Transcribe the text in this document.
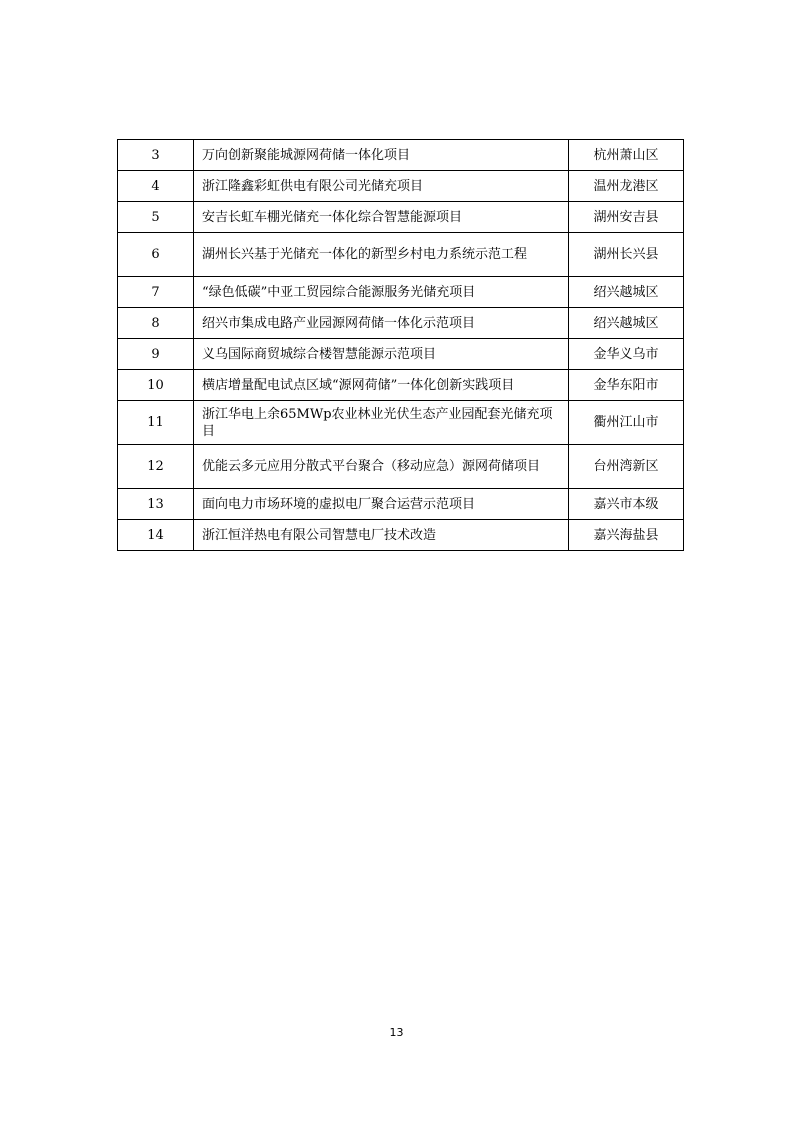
3	万向创新聚能城源网荷储一体化项目	杭州萧山区
4	浙江隆鑫彩虹供电有限公司光储充项目	温州龙港区
5	安吉长虹车棚光储充一体化综合智慧能源项目	湖州安吉县
6	湖州长兴基于光储充一体化的新型乡村电力系统示范工程	湖州长兴县
7	“绿色低碳”中亚工贸园综合能源服务光储充项目	绍兴越城区
8	绍兴市集成电路产业园源网荷储一体化示范项目	绍兴越城区
9	义乌国际商贸城综合楼智慧能源示范项目	金华义乌市
10	横店增量配电试点区域“源网荷储”一体化创新实践项目	金华东阳市
11	浙江华电上余65MWp农业林业光伏生态产业园配套光储充项目	衢州江山市
12	优能云多元应用分散式平台聚合（移动应急）源网荷储项目	台州湾新区
13	面向电力市场环境的虚拟电厂聚合运营示范项目	嘉兴市本级
14	浙江恒洋热电有限公司智慧电厂技术改造	嘉兴海盐县
13
